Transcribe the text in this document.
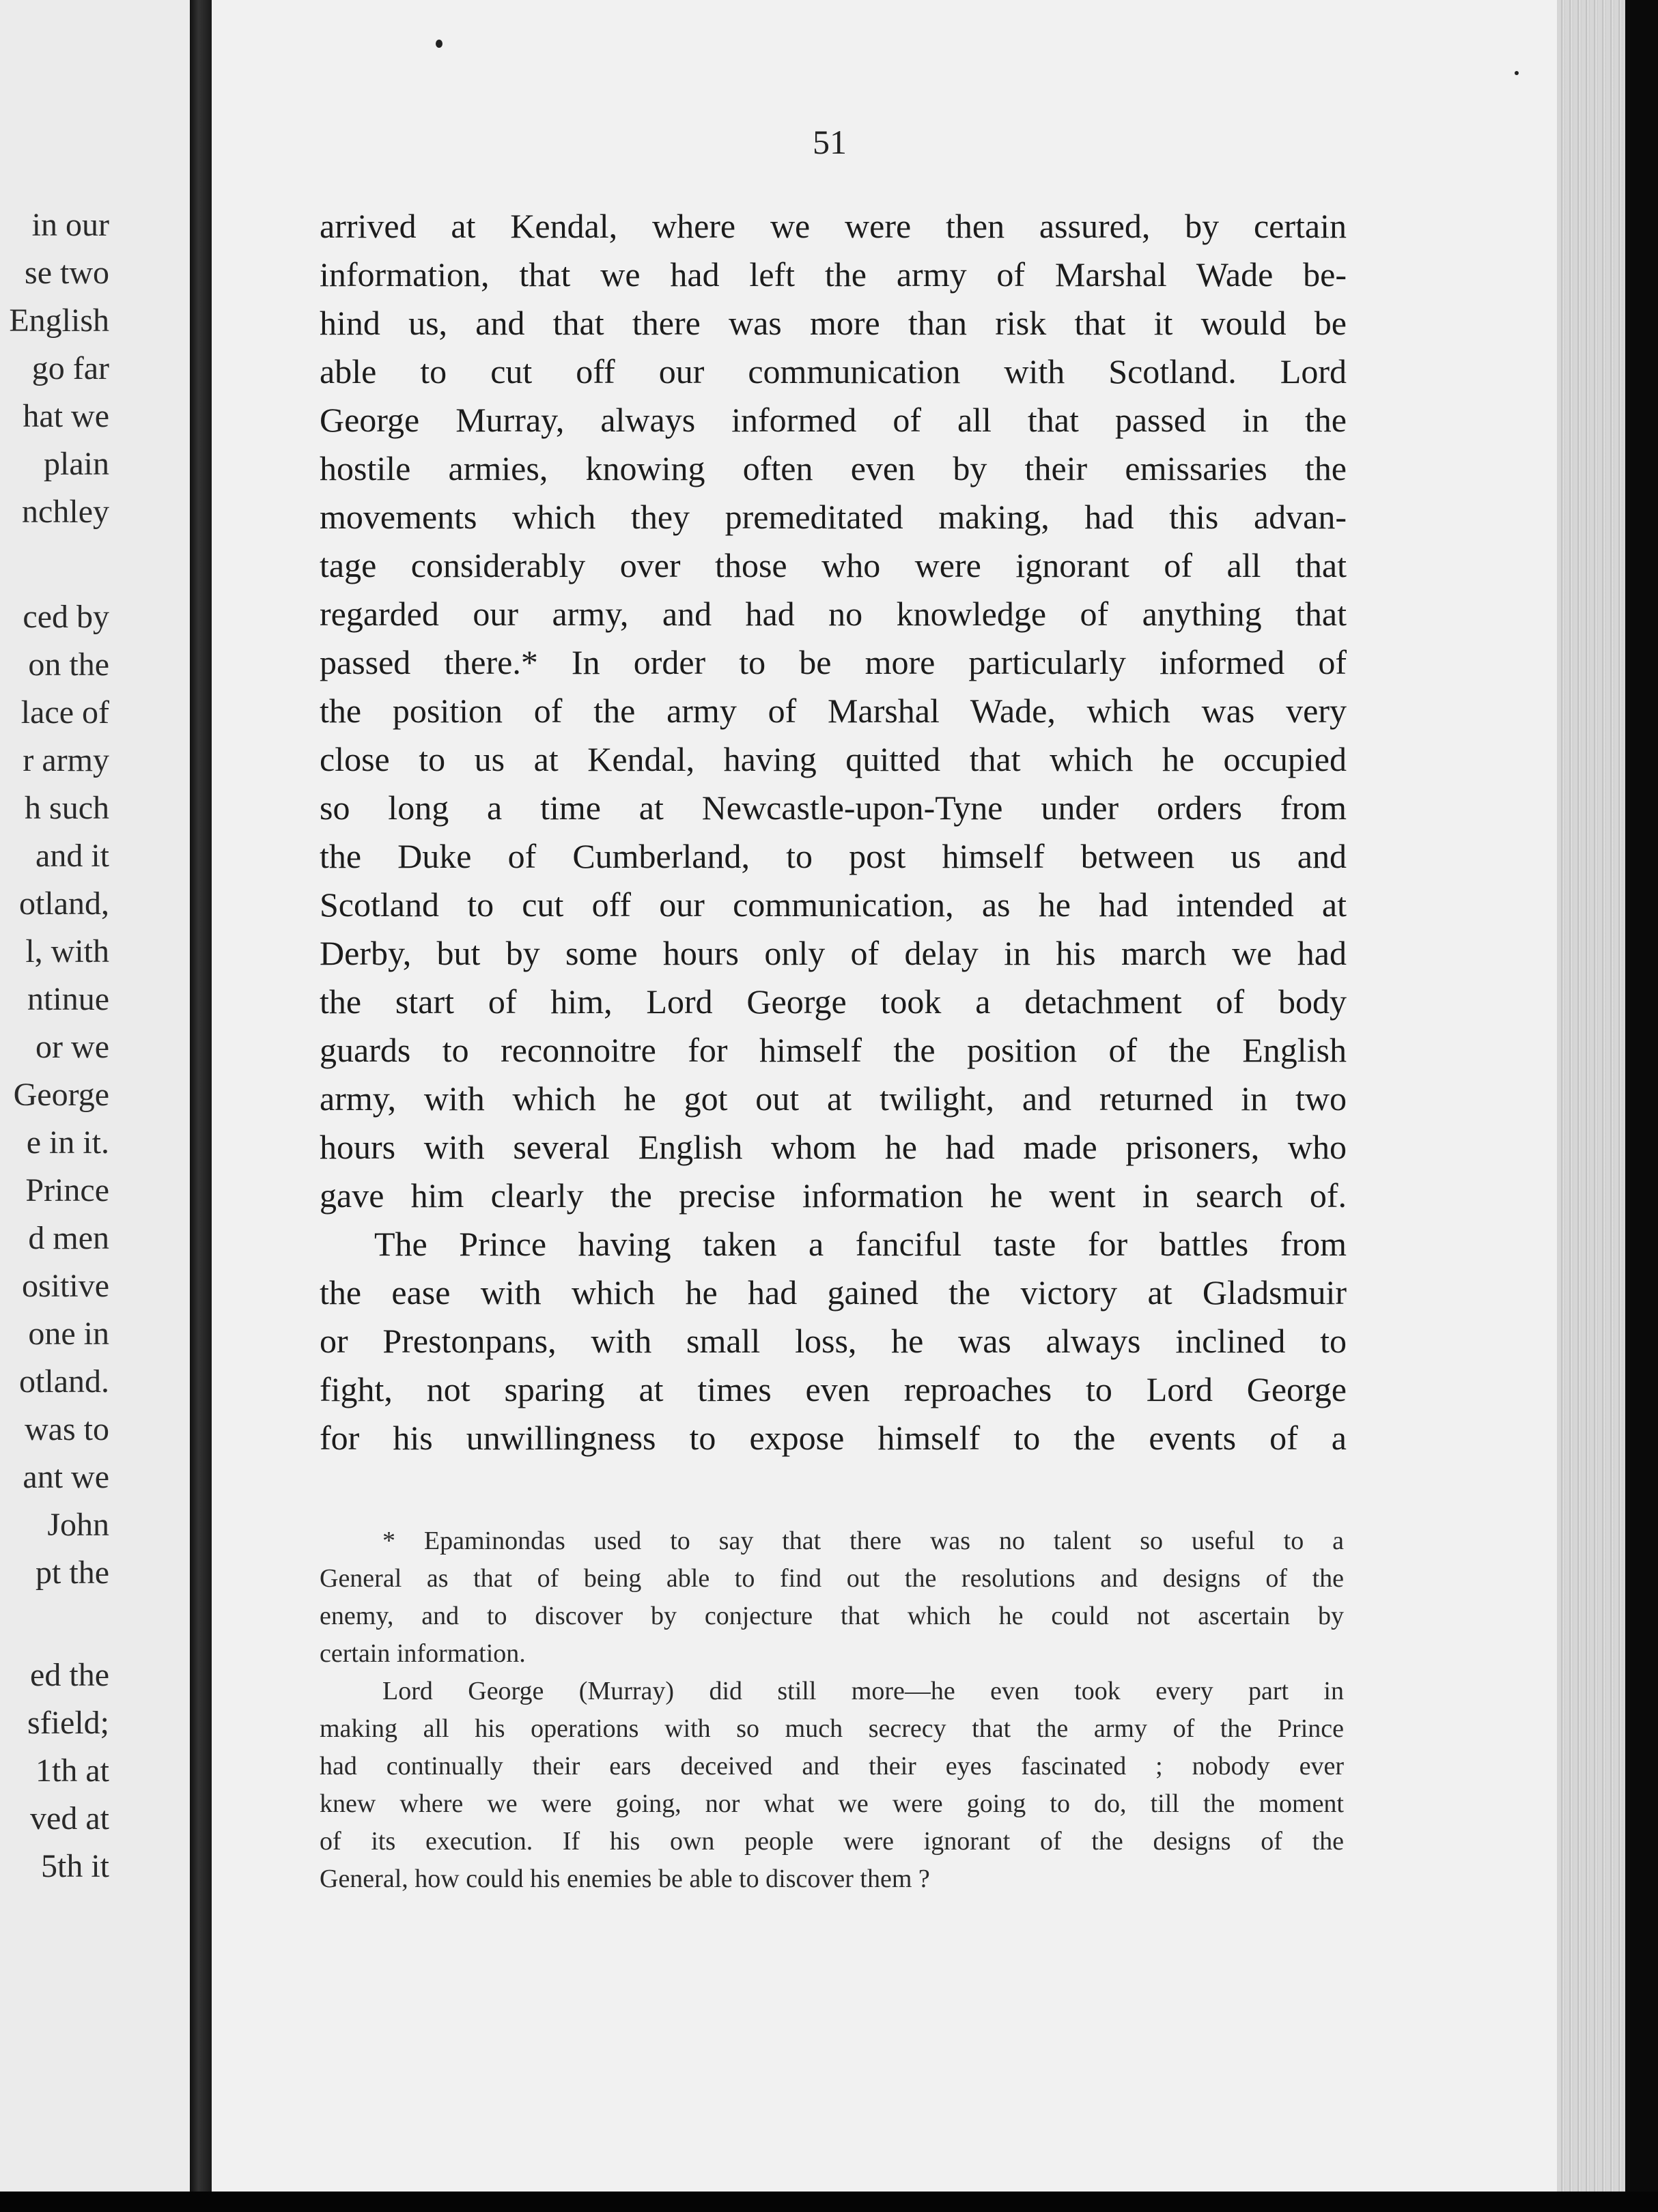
in our
se two
English
go far
hat we
plain
nchley
ced by
on the
lace of
r army
h such
and it
otland,
l, with
ntinue
or we
George
e in it.
Prince
d men
ositive
one in
otland.
was to
ant we
John
pt the
ed the
sfield;
1th at
ved at
5th it

51

arrived at Kendal, where we were then assured, by certain
information, that we had left the army of Marshal Wade be-
hind us, and that there was more than risk that it would be
able to cut off our communication with Scotland. Lord
George Murray, always informed of all that passed in the
hostile armies, knowing often even by their emissaries the
movements which they premeditated making, had this advan-
tage considerably over those who were ignorant of all that
regarded our army, and had no knowledge of anything that
passed there.* In order to be more particularly informed of
the position of the army of Marshal Wade, which was very
close to us at Kendal, having quitted that which he occupied
so long a time at Newcastle-upon-Tyne under orders from
the Duke of Cumberland, to post himself between us and
Scotland to cut off our communication, as he had intended at
Derby, but by some hours only of delay in his march we had
the start of him, Lord George took a detachment of body
guards to reconnoitre for himself the position of the English
army, with which he got out at twilight, and returned in two
hours with several English whom he had made prisoners, who
gave him clearly the precise information he went in search of.
The Prince having taken a fanciful taste for battles from
the ease with which he had gained the victory at Gladsmuir
or Prestonpans, with small loss, he was always inclined to
fight, not sparing at times even reproaches to Lord George
for his unwillingness to expose himself to the events of a
* Epaminondas used to say that there was no talent so useful to a
General as that of being able to find out the resolutions and designs of the
enemy, and to discover by conjecture that which he could not ascertain by
certain information.
Lord George (Murray) did still more—he even took every part in
making all his operations with so much secrecy that the army of the Prince
had continually their ears deceived and their eyes fascinated ; nobody ever
knew where we were going, nor what we were going to do, till the moment
of its execution. If his own people were ignorant of the designs of the
General, how could his enemies be able to discover them ?
